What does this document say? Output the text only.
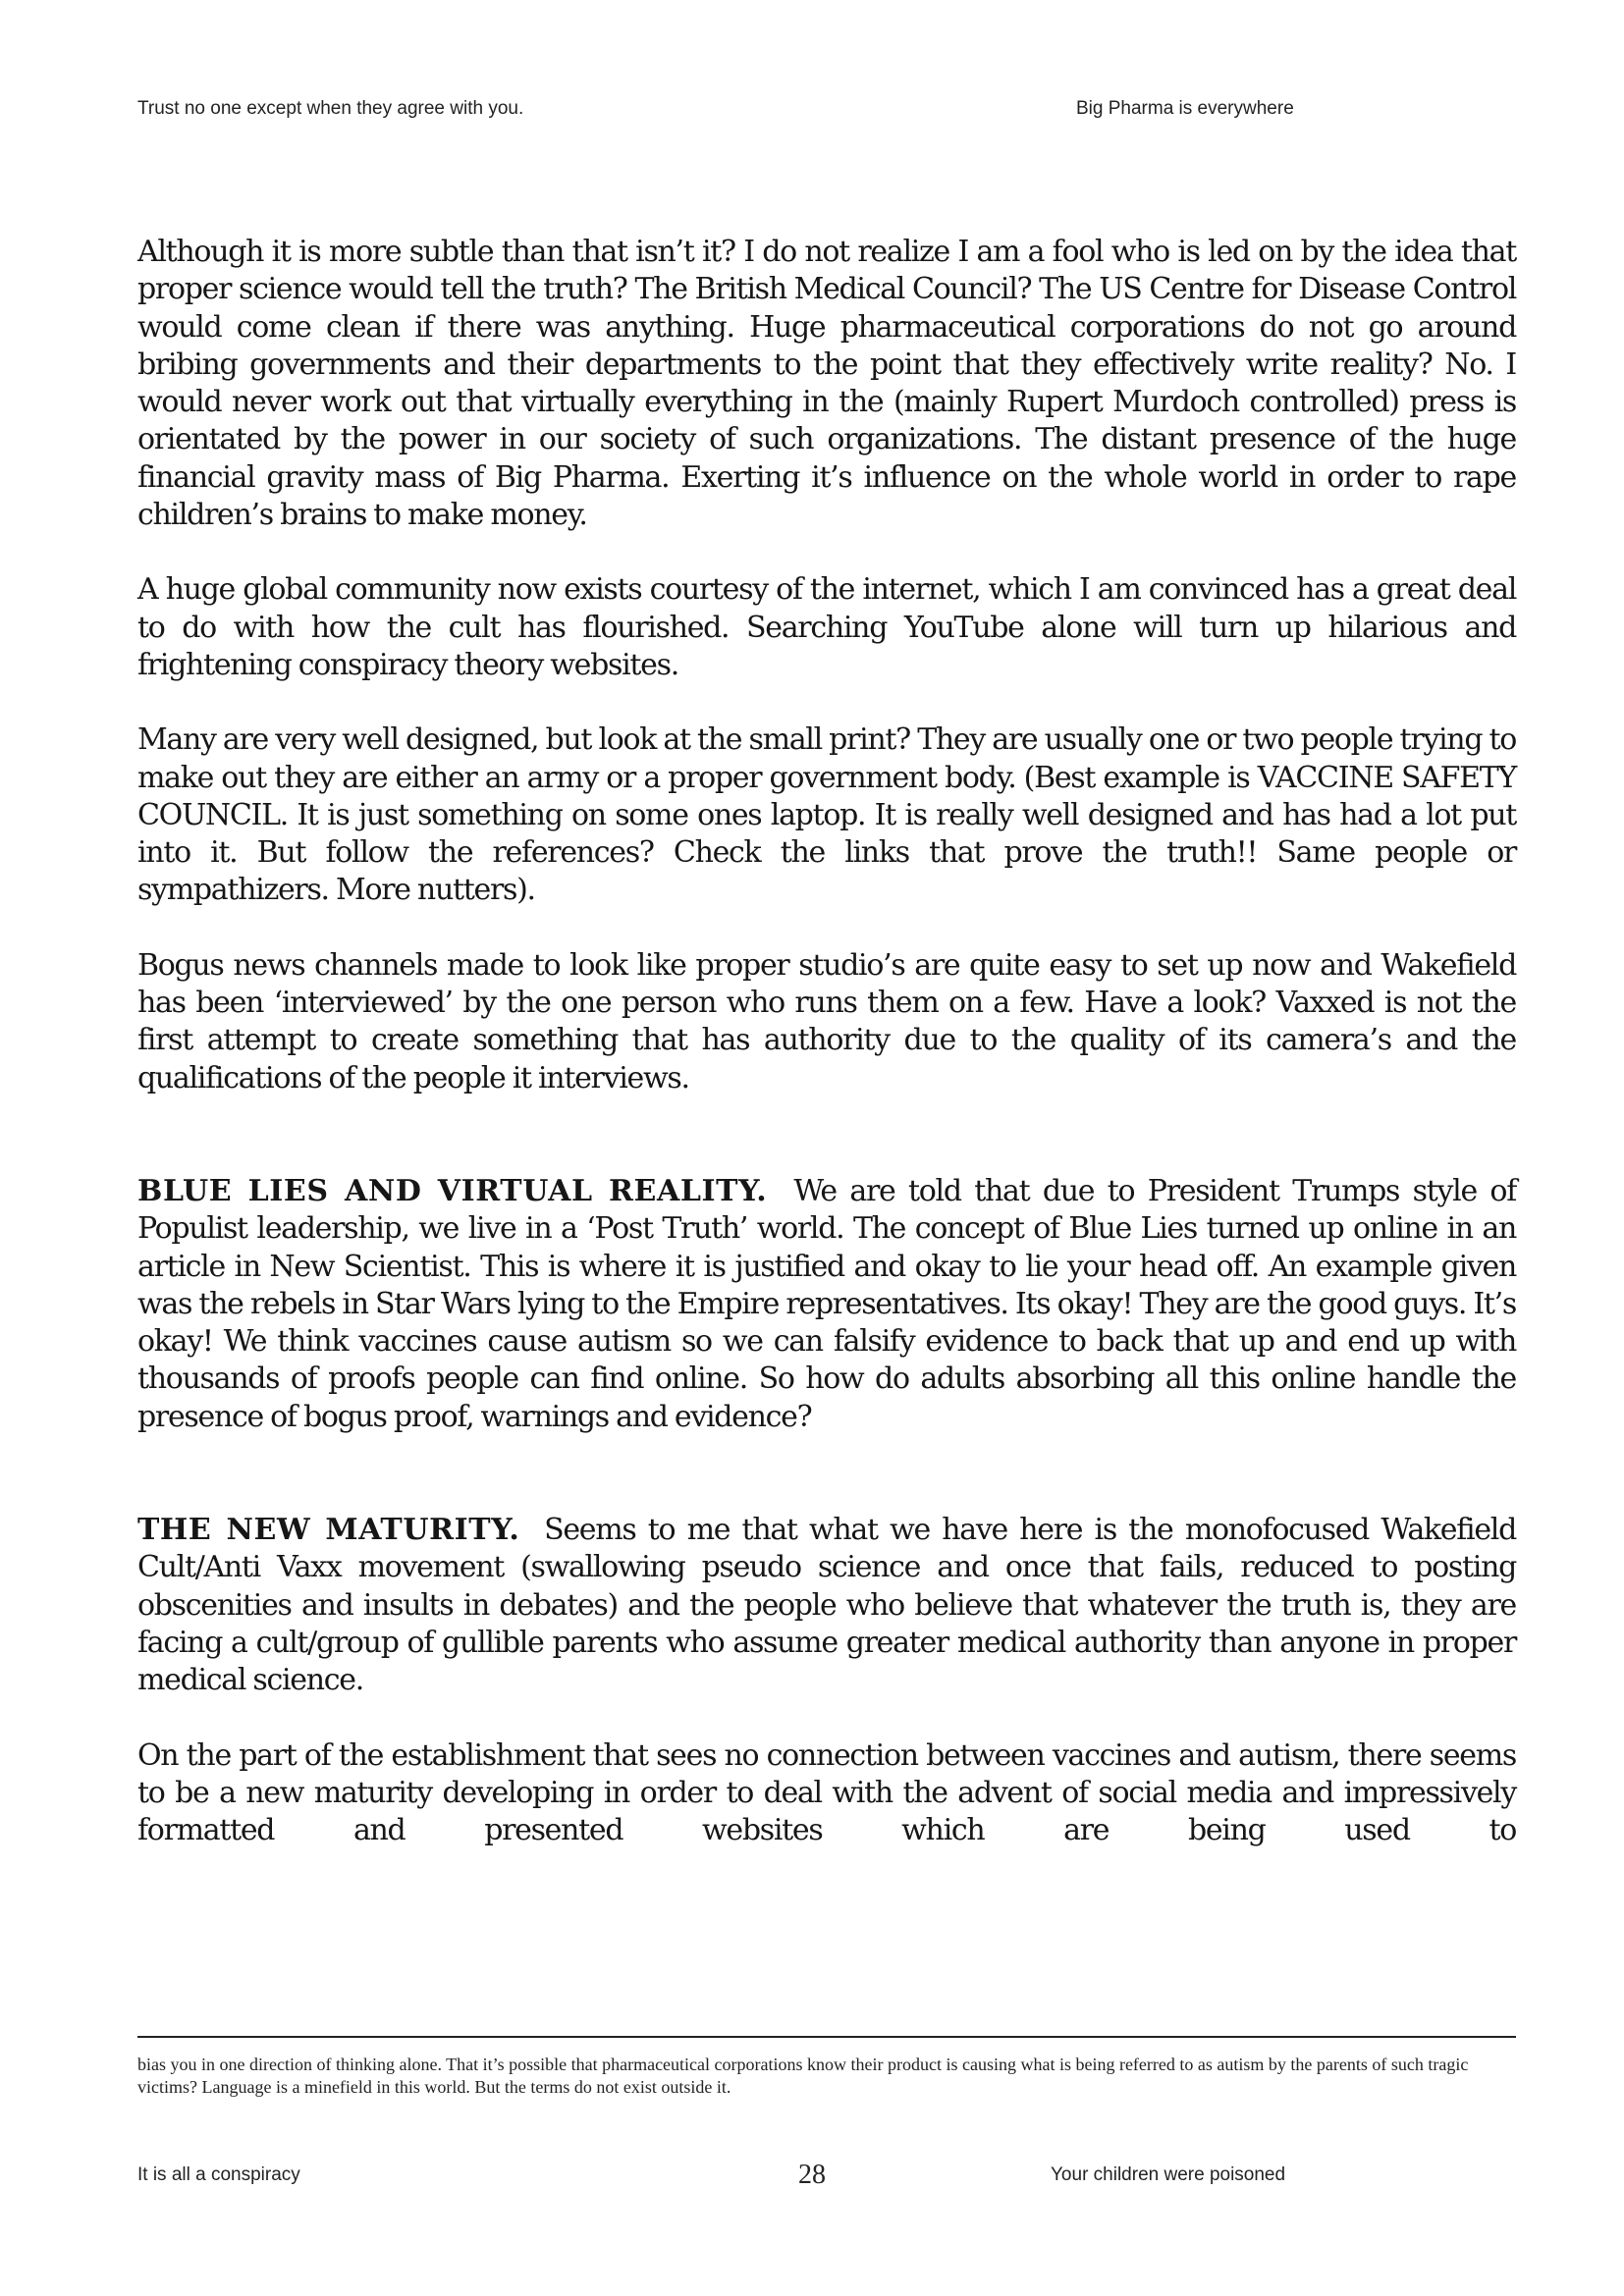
Trust no one except when they agree with you.	Big Pharma is everywhere

Although it is more subtle than that isn’t it? I do not realize I am a fool who is led on by the idea that proper science would tell the truth? The British Medical Council? The US Centre for Disease Control would come clean if there was anything. Huge pharmaceutical corporations do not go around bribing governments and their departments to the point that they effectively write reality? No. I would never work out that virtually everything in the (mainly Rupert Murdoch controlled) press is orientated by the power in our society of such organizations. The distant presence of the huge financial gravity mass of Big Pharma. Exerting it’s influence on the whole world in order to rape children’s brains to make money.

A huge global community now exists courtesy of the internet, which I am convinced has a great deal to do with how the cult has flourished. Searching YouTube alone will turn up hilarious and frightening conspiracy theory websites.

Many are very well designed, but look at the small print? They are usually one or two people trying to make out they are either an army or a proper government body. (Best example is VACCINE SAFETY COUNCIL. It is just something on some ones laptop. It is really well designed and has had a lot put into it. But follow the references? Check the links that prove the truth!! Same people or sympathizers. More nutters).

Bogus news channels made to look like proper studio’s are quite easy to set up now and Wakefield has been ‘interviewed’ by the one person who runs them on a few. Have a look? Vaxxed is not the first attempt to create something that has authority due to the quality of its camera’s and the qualifications of the people it interviews.

BLUE LIES AND VIRTUAL REALITY. We are told that due to President Trumps style of Populist leadership, we live in a ‘Post Truth’ world. The concept of Blue Lies turned up online in an article in New Scientist. This is where it is justified and okay to lie your head off. An example given was the rebels in Star Wars lying to the Empire representatives. Its okay! They are the good guys. It’s okay! We think vaccines cause autism so we can falsify evidence to back that up and end up with thousands of proofs people can find online. So how do adults absorbing all this online handle the presence of bogus proof, warnings and evidence?

THE NEW MATURITY. Seems to me that what we have here is the monofocused Wakefield Cult/Anti Vaxx movement (swallowing pseudo science and once that fails, reduced to posting obscenities and insults in debates) and the people who believe that whatever the truth is, they are facing a cult/group of gullible parents who assume greater medical authority than anyone in proper medical science.

On the part of the establishment that sees no connection between vaccines and autism, there seems to be a new maturity developing in order to deal with the advent of social media and impressively formatted and presented websites which are being used to

bias you in one direction of thinking alone. That it’s possible that pharmaceutical corporations know their product is causing what is being referred to as autism by the parents of such tragic victims? Language is a minefield in this world. But the terms do not exist outside it.
It is all a conspiracy	28	Your children were poisoned
